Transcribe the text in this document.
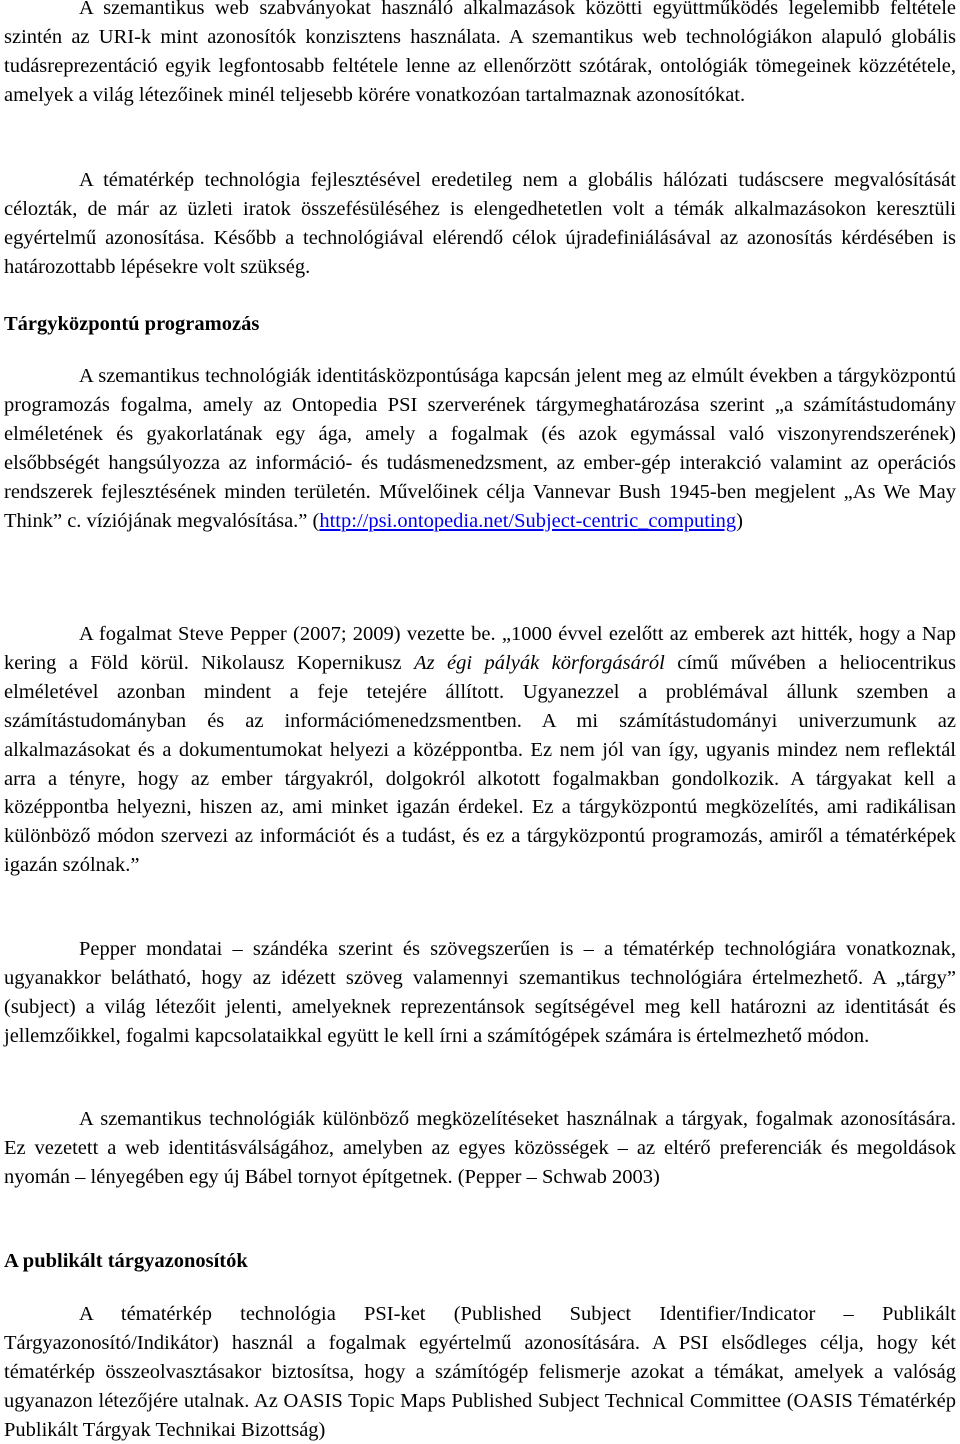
A szemantikus web szabványokat használó alkalmazások közötti együttműködés legelemibb feltétele szintén az URI-k mint azonosítók konzisztens használata. A szemantikus web technológiákon alapuló globális tudásreprezentáció egyik legfontosabb feltétele lenne az ellenőrzött szótárak, ontológiák tömegeinek közzététele, amelyek a világ létezőinek minél teljesebb körére vonatkozóan tartalmaznak azonosítókat.

A tématérkép technológia fejlesztésével eredetileg nem a globális hálózati tudáscsere megvalósítását célozták, de már az üzleti iratok összefésüléséhez is elengedhetetlen volt a témák alkalmazásokon keresztüli egyértelmű azonosítása. Később a technológiával elérendő célok újradefiniálásával az azonosítás kérdésében is határozottabb lépésekre volt szükség.

Tárgyközpontú programozás

A szemantikus technológiák identitásközpontúsága kapcsán jelent meg az elmúlt években a tárgyközpontú programozás fogalma, amely az Ontopedia PSI szerverének tárgymeghatározása szerint „a számítástudomány elméletének és gyakorlatának egy ága, amely a fogalmak (és azok egymással való viszonyrendszerének) elsőbbségét hangsúlyozza az információ- és tudásmenedzsment, az ember-gép interakció valamint az operációs rendszerek fejlesztésének minden területén. Művelőinek célja Vannevar Bush 1945-ben megjelent „As We May Think” c. víziójának megvalósítása.” (http://psi.ontopedia.net/Subject-centric_computing)

A fogalmat Steve Pepper (2007; 2009) vezette be. „1000 évvel ezelőtt az emberek azt hitték, hogy a Nap kering a Föld körül. Nikolausz Kopernikusz Az égi pályák körforgásáról című művében a heliocentrikus elméletével azonban mindent a feje tetejére állított. Ugyanezzel a problémával állunk szemben a számítástudományban és az információmenedzsmentben. A mi számítástudományi univerzumunk az alkalmazásokat és a dokumentumokat helyezi a középpontba. Ez nem jól van így, ugyanis mindez nem reflektál arra a tényre, hogy az ember tárgyakról, dolgokról alkotott fogalmakban gondolkozik. A tárgyakat kell a középpontba helyezni, hiszen az, ami minket igazán érdekel. Ez a tárgyközpontú megközelítés, ami radikálisan különböző módon szervezi az információt és a tudást, és ez a tárgyközpontú programozás, amiről a tématérképek igazán szólnak.”

Pepper mondatai – szándéka szerint és szövegszerűen is – a tématérkép technológiára vonatkoznak, ugyanakkor belátható, hogy az idézett szöveg valamennyi szemantikus technológiára értelmezhető. A „tárgy” (subject) a világ létezőit jelenti, amelyeknek reprezentánsok segítségével meg kell határozni az identitását és jellemzőikkel, fogalmi kapcsolataikkal együtt le kell írni a számítógépek számára is értelmezhető módon.

A szemantikus technológiák különböző megközelítéseket használnak a tárgyak, fogalmak azonosítására. Ez vezetett a web identitásválságához, amelyben az egyes közösségek – az eltérő preferenciák és megoldások nyomán – lényegében egy új Bábel tornyot építgetnek. (Pepper – Schwab 2003)

A publikált tárgyazonosítók

A tématérkép technológia PSI-ket (Published Subject Identifier/Indicator – Publikált Tárgyazonosító/Indikátor) használ a fogalmak egyértelmű azonosítására. A PSI elsődleges célja, hogy két tématérkép összeolvasztásakor biztosítsa, hogy a számítógép felismerje azokat a témákat, amelyek a valóság ugyanazon létezőjére utalnak. Az OASIS Topic Maps Published Subject Technical Committee (OASIS Tématérkép Publikált Tárgyak Technikai Bizottság)
